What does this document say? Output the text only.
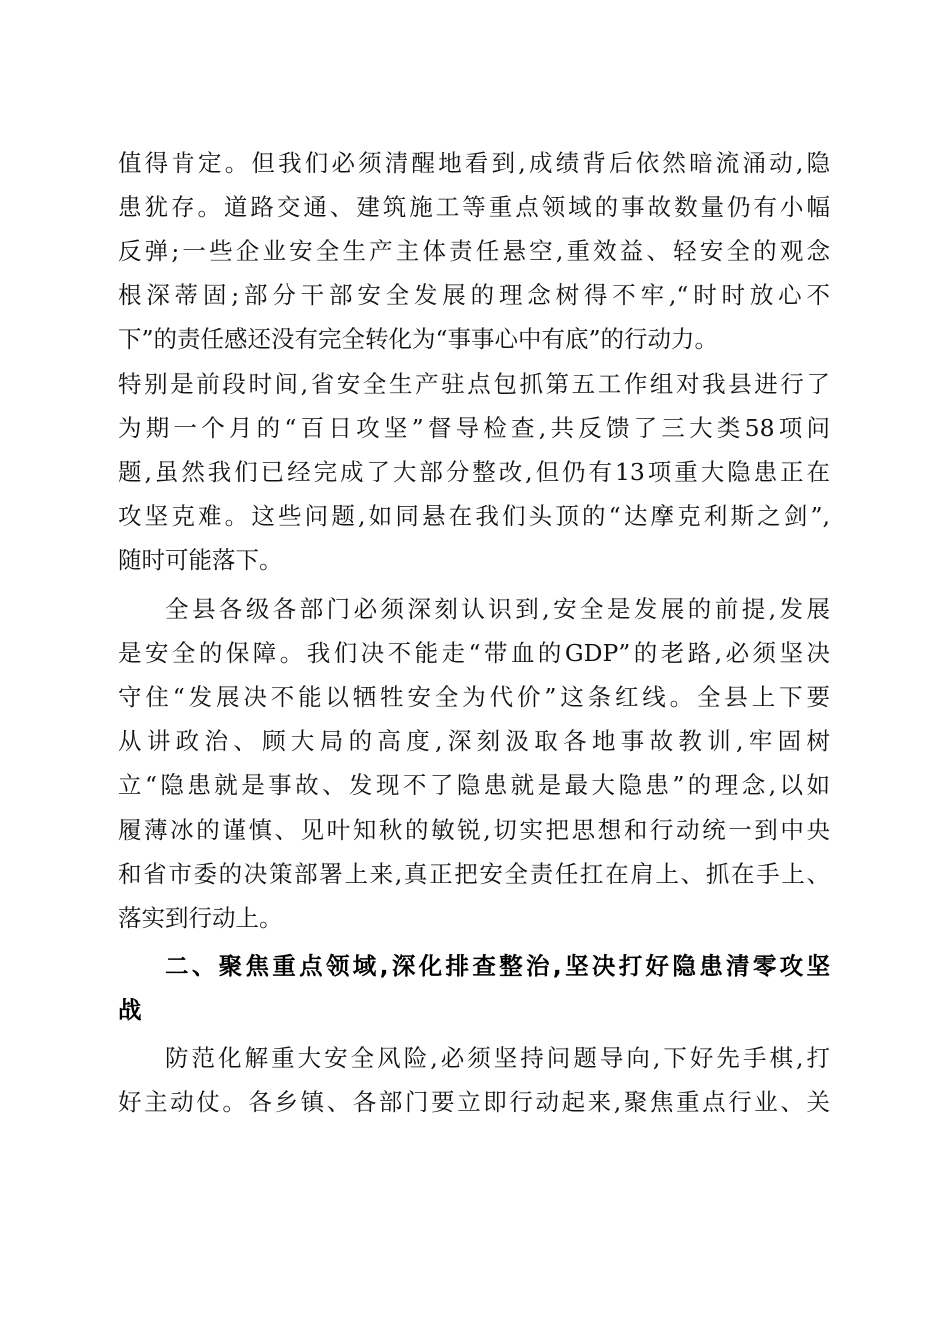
值得肯定。但我们必须清醒地看到,成绩背后依然暗流涌动,隐
患犹存。道路交通、建筑施工等重点领域的事故数量仍有小幅
反弹;一些企业安全生产主体责任悬空,重效益、轻安全的观念
根深蒂固;部分干部安全发展的理念树得不牢,“时时放心不
下”的责任感还没有完全转化为“事事心中有底”的行动力。
特别是前段时间,省安全生产驻点包抓第五工作组对我县进行了
为期一个月的“百日攻坚”督导检查,共反馈了三大类58项问
题,虽然我们已经完成了大部分整改,但仍有13项重大隐患正在
攻坚克难。这些问题,如同悬在我们头顶的“达摩克利斯之剑”,
随时可能落下。
全县各级各部门必须深刻认识到,安全是发展的前提,发展
是安全的保障。我们决不能走“带血的GDP”的老路,必须坚决
守住“发展决不能以牺牲安全为代价”这条红线。全县上下要
从讲政治、顾大局的高度,深刻汲取各地事故教训,牢固树
立“隐患就是事故、发现不了隐患就是最大隐患”的理念,以如
履薄冰的谨慎、见叶知秋的敏锐,切实把思想和行动统一到中央
和省市委的决策部署上来,真正把安全责任扛在肩上、抓在手上、
落实到行动上。
二、聚焦重点领域,深化排查整治,坚决打好隐患清零攻坚
战
防范化解重大安全风险,必须坚持问题导向,下好先手棋,打
好主动仗。各乡镇、各部门要立即行动起来,聚焦重点行业、关
